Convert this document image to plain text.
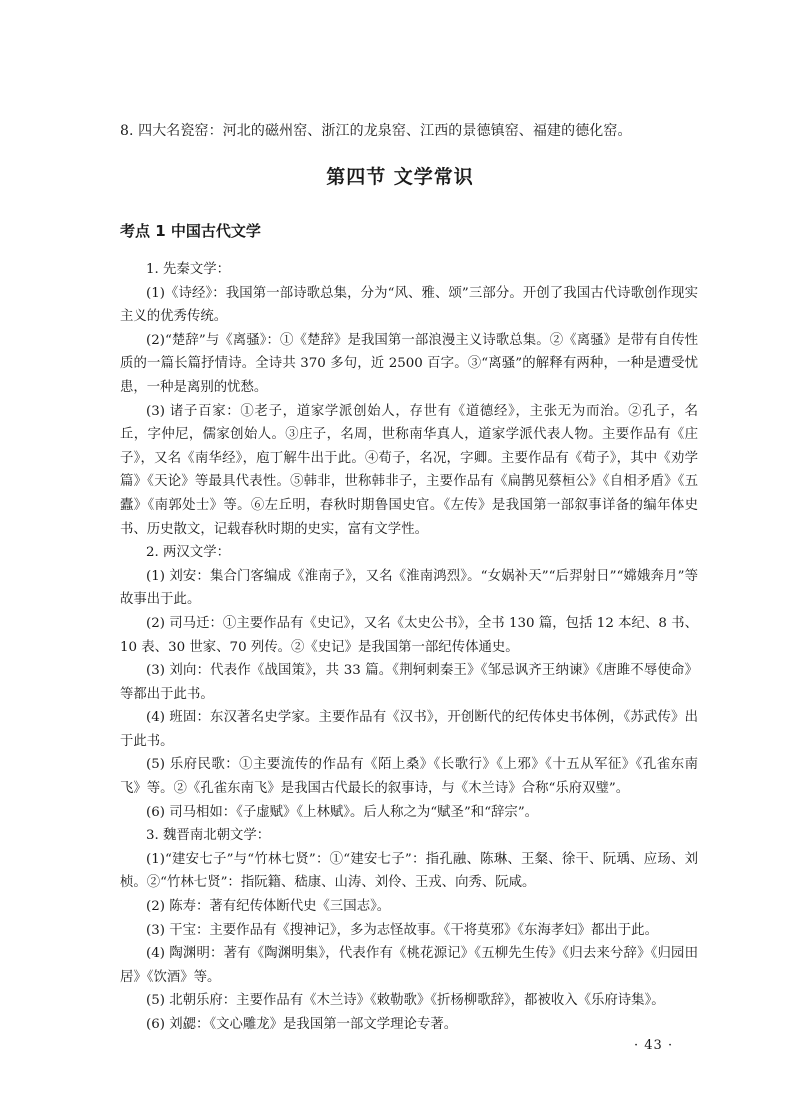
8. 四大名瓷窑：河北的磁州窑、浙江的龙泉窑、江西的景德镇窑、福建的德化窑。
第四节 文学常识
考点 1 中国古代文学

1. 先秦文学：

(1)《诗经》：我国第一部诗歌总集，分为“风、雅、颂”三部分。开创了我国古代诗歌创作现实主义的优秀传统。

(2)“楚辞”与《离骚》：①《楚辞》是我国第一部浪漫主义诗歌总集。②《离骚》是带有自传性质的一篇长篇抒情诗。全诗共 370 多句，近 2500 百字。③“离骚”的解释有两种，一种是遭受忧患，一种是离别的忧愁。

(3) 诸子百家：①老子，道家学派创始人，存世有《道德经》，主张无为而治。②孔子，名丘，字仲尼，儒家创始人。③庄子，名周，世称南华真人，道家学派代表人物。主要作品有《庄子》，又名《南华经》，庖丁解牛出于此。④荀子，名况，字卿。主要作品有《荀子》，其中《劝学篇》《天论》等最具代表性。⑤韩非，世称韩非子，主要作品有《扁鹊见蔡桓公》《自相矛盾》《五蠹》《南郭处士》等。⑥左丘明，春秋时期鲁国史官。《左传》是我国第一部叙事详备的编年体史书、历史散文，记载春秋时期的史实，富有文学性。

2. 两汉文学：

(1) 刘安：集合门客编成《淮南子》，又名《淮南鸿烈》。“女娲补天”“后羿射日”“嫦娥奔月”等故事出于此。

(2) 司马迁：①主要作品有《史记》，又名《太史公书》，全书 130 篇，包括 12 本纪、8 书、10 表、30 世家、70 列传。②《史记》是我国第一部纪传体通史。

(3) 刘向：代表作《战国策》，共 33 篇。《荆轲刺秦王》《邹忌讽齐王纳谏》《唐雎不辱使命》等都出于此书。

(4) 班固：东汉著名史学家。主要作品有《汉书》，开创断代的纪传体史书体例，《苏武传》出于此书。

(5) 乐府民歌：①主要流传的作品有《陌上桑》《长歌行》《上邪》《十五从军征》《孔雀东南飞》等。②《孔雀东南飞》是我国古代最长的叙事诗，与《木兰诗》合称“乐府双璧”。

(6) 司马相如：《子虚赋》《上林赋》。后人称之为“赋圣”和“辞宗”。

3. 魏晋南北朝文学：

(1)“建安七子”与“竹林七贤”：①“建安七子”：指孔融、陈琳、王粲、徐干、阮瑀、应玚、刘桢。②“竹林七贤”：指阮籍、嵇康、山涛、刘伶、王戎、向秀、阮咸。

(2) 陈寿：著有纪传体断代史《三国志》。

(3) 干宝：主要作品有《搜神记》，多为志怪故事。《干将莫邪》《东海孝妇》都出于此。

(4) 陶渊明：著有《陶渊明集》，代表作有《桃花源记》《五柳先生传》《归去来兮辞》《归园田居》《饮酒》等。

(5) 北朝乐府：主要作品有《木兰诗》《敕勒歌》《折杨柳歌辞》，都被收入《乐府诗集》。

(6) 刘勰：《文心雕龙》是我国第一部文学理论专著。

· 43 ·
